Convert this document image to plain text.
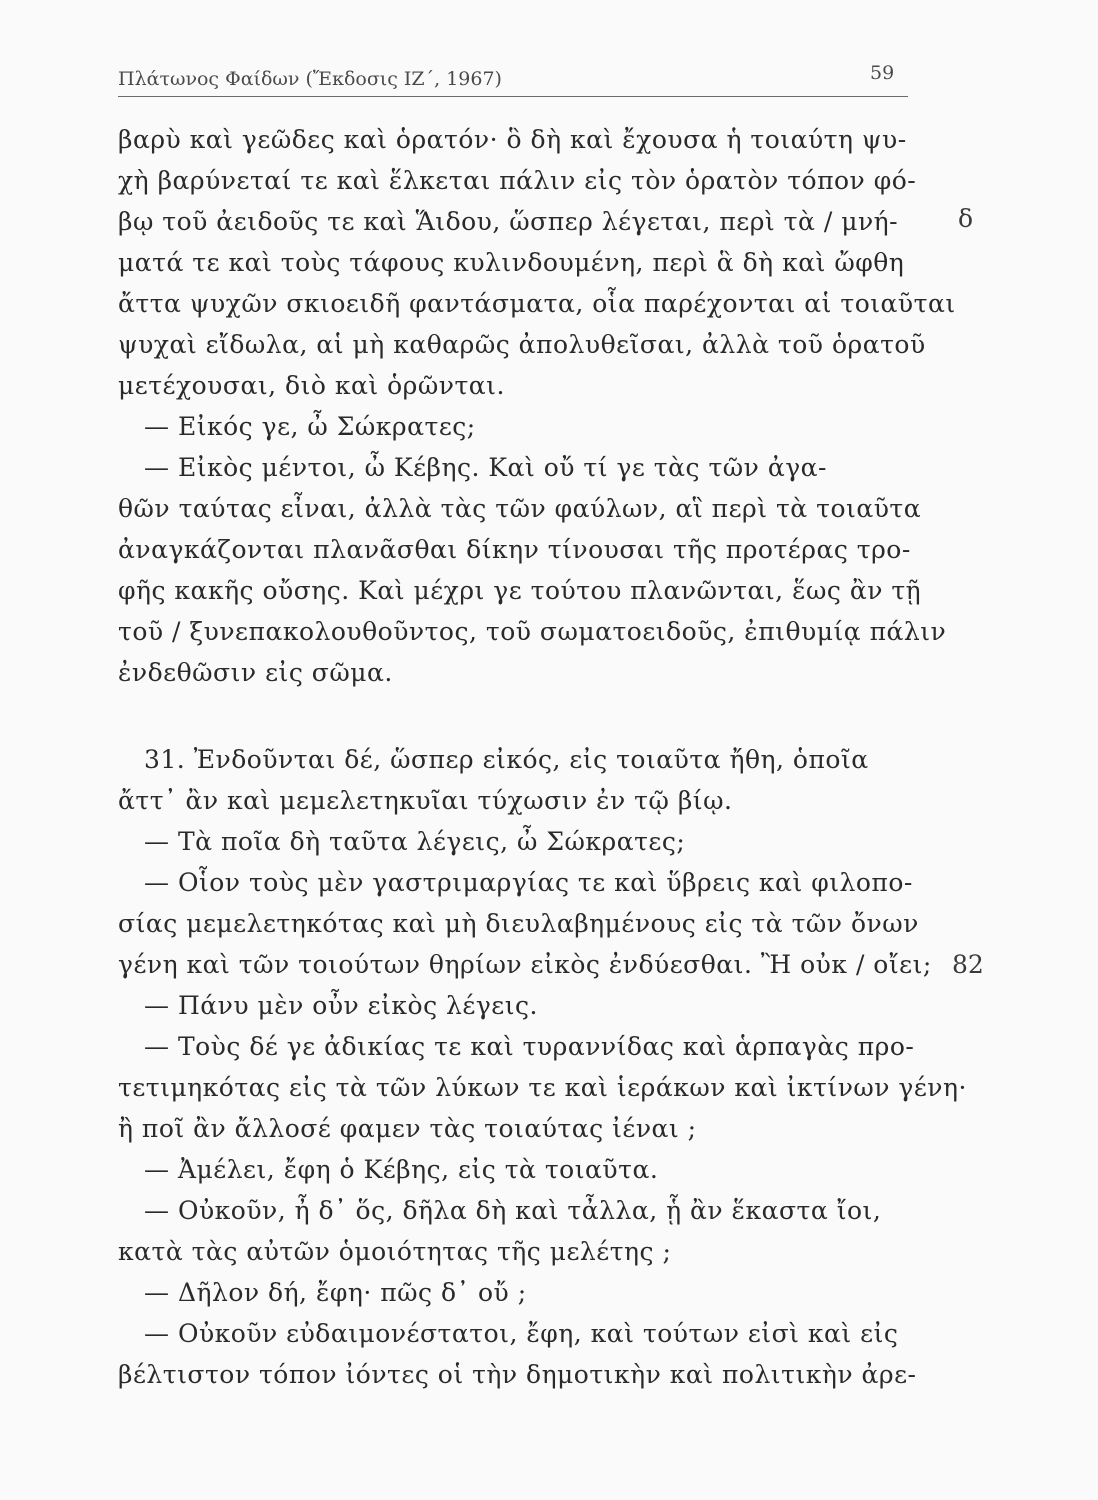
Πλάτωνος Φαίδων (Ἔκδοσις ΙΖ΄, 1967)	59
βαρὺ καὶ γεῶδες καὶ ὁρατόν· ὃ δὴ καὶ ἔχουσα ἡ τοιαύτη ψυ-
χὴ βαρύνεταί τε καὶ ἕλκεται πάλιν εἰς τὸν ὁρατὸν τόπον φό-
βῳ τοῦ ἀειδοῦς τε καὶ Ἅιδου, ὥσπερ λέγεται, περὶ τὰ / μνή-
ματά τε καὶ τοὺς τάφους κυλινδουμένη, περὶ ἃ δὴ καὶ ὤφθη
ἄττα ψυχῶν σκιοειδῆ φαντάσματα, οἷα παρέχονται αἱ τοιαῦται
ψυχαὶ εἴδωλα, αἱ μὴ καθαρῶς ἀπολυθεῖσαι, ἀλλὰ τοῦ ὁρατοῦ
μετέχουσαι, διὸ καὶ ὁρῶνται.
— Εἰκός γε, ὦ Σώκρατες;
— Εἰκὸς μέντοι, ὦ Κέβης. Καὶ οὔ τί γε τὰς τῶν ἀγα-
θῶν ταύτας εἶναι, ἀλλὰ τὰς τῶν φαύλων, αἳ περὶ τὰ τοιαῦτα
ἀναγκάζονται πλανᾶσθαι δίκην τίνουσαι τῆς προτέρας τρο-
φῆς κακῆς οὔσης. Καὶ μέχρι γε τούτου πλανῶνται, ἕως ἂν τῇ
τοῦ / ξυνεπακολουθοῦντος, τοῦ σωματοειδοῦς, ἐπιθυμίᾳ πάλιν
ἐνδεθῶσιν εἰς σῶμα.
31. Ἐνδοῦνται δέ, ὥσπερ εἰκός, εἰς τοιαῦτα ἤθη, ὁποῖα
ἄττ᾽ ἂν καὶ μεμελετηκυῖαι τύχωσιν ἐν τῷ βίῳ.
— Τὰ ποῖα δὴ ταῦτα λέγεις, ὦ Σώκρατες;
— Οἷον τοὺς μὲν γαστριμαργίας τε καὶ ὕβρεις καὶ φιλοπο-
σίας μεμελετηκότας καὶ μὴ διευλαβημένους εἰς τὰ τῶν ὄνων
γένη καὶ τῶν τοιούτων θηρίων εἰκὸς ἐνδύεσθαι. Ἢ οὐκ / οἴει;
— Πάνυ μὲν οὖν εἰκὸς λέγεις.
— Τοὺς δέ γε ἀδικίας τε καὶ τυραννίδας καὶ ἁρπαγὰς προ-
τετιμηκότας εἰς τὰ τῶν λύκων τε καὶ ἱεράκων καὶ ἰκτίνων γένη·
ἢ ποῖ ἂν ἄλλοσέ φαμεν τὰς τοιαύτας ἰέναι ;
— Ἀμέλει, ἔφη ὁ Κέβης, εἰς τὰ τοιαῦτα.
— Οὐκοῦν, ἦ δ᾽ ὅς, δῆλα δὴ καὶ τἆλλα, ᾗ ἂν ἕκαστα ἴοι,
κατὰ τὰς αὐτῶν ὁμοιότητας τῆς μελέτης ;
— Δῆλον δή, ἔφη· πῶς δ᾽ οὔ ;
— Οὐκοῦν εὐδαιμονέστατοι, ἔφη, καὶ τούτων εἰσὶ καὶ εἰς
βέλτιστον τόπον ἰόντες οἱ τὴν δημοτικὴν καὶ πολιτικὴν ἀρε-
δ
82
